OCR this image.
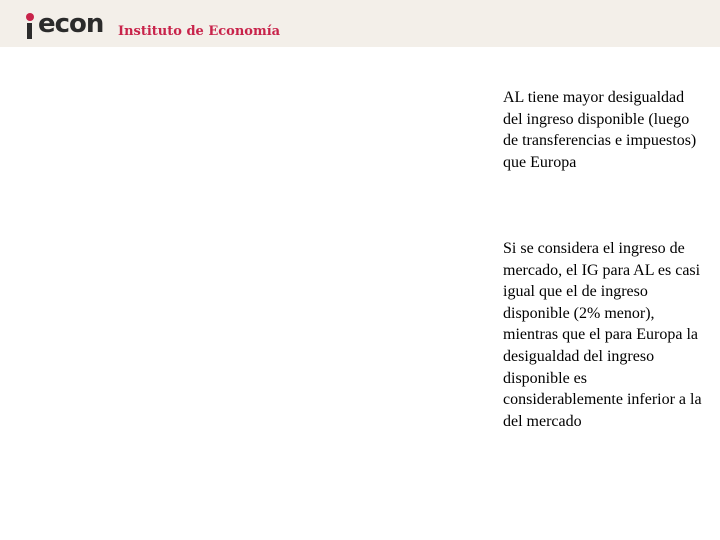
econ Instituto de Economía

AL tiene mayor desigualdad del ingreso disponible (luego de transferencias e impuestos) que Europa

Si se considera el ingreso de mercado, el IG para AL es casi igual que el de ingreso disponible (2% menor), mientras que el para Europa la desigualdad del ingreso disponible es considerablemente inferior a la del mercado
